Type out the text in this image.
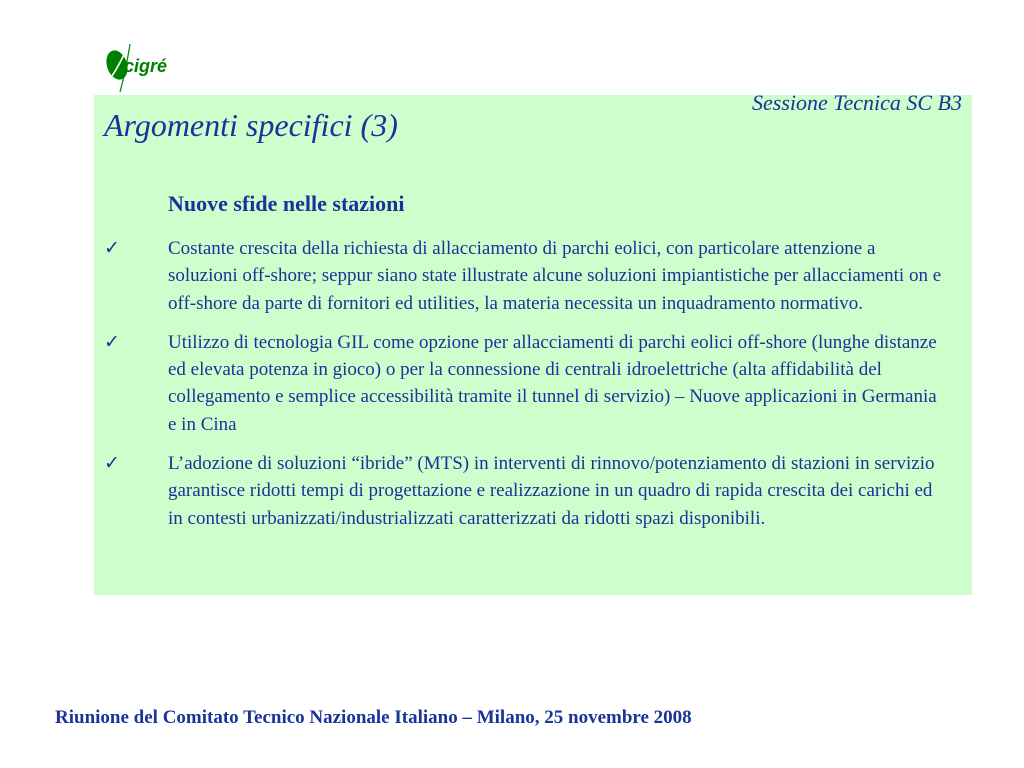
cigré
Sessione Tecnica SC B3
Argomenti specifici (3)
Nuove sfide nelle stazioni
✓	Costante crescita della richiesta di allacciamento di parchi eolici, con particolare attenzione a soluzioni off-shore; seppur siano state illustrate alcune soluzioni impiantistiche per allacciamenti on e off-shore da parte di fornitori ed utilities, la materia necessita un inquadramento normativo.
✓	Utilizzo di tecnologia GIL come opzione per allacciamenti di parchi eolici off-shore (lunghe distanze ed elevata potenza in gioco) o per la connessione di centrali idroelettriche (alta affidabilità del collegamento e semplice accessibilità tramite il tunnel di servizio) – Nuove applicazioni in Germania e in Cina
✓	L’adozione di soluzioni “ibride” (MTS) in interventi di rinnovo/potenziamento di stazioni in servizio garantisce ridotti tempi di progettazione e realizzazione in un quadro di rapida crescita dei carichi ed in contesti urbanizzati/industrializzati caratterizzati da ridotti spazi disponibili.
Riunione del Comitato Tecnico Nazionale Italiano – Milano, 25 novembre 2008
